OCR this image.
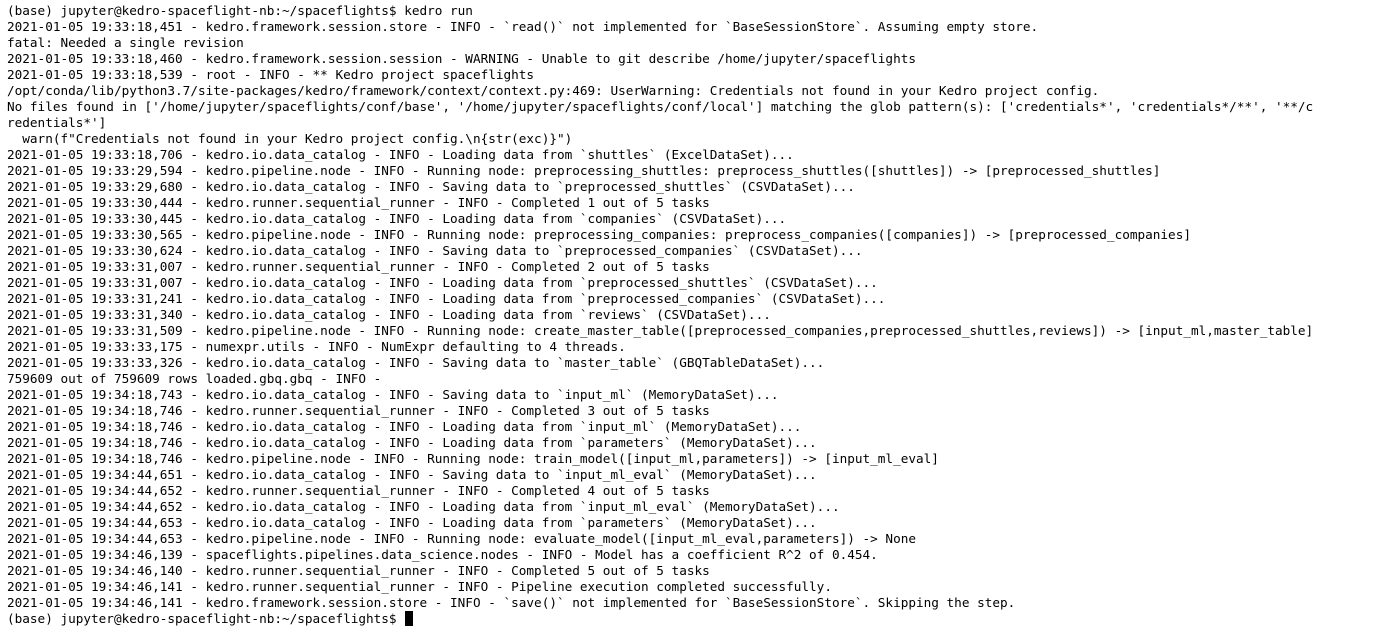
(base) jupyter@kedro-spaceflight-nb:~/spaceflights$ kedro run
2021-01-05 19:33:18,451 - kedro.framework.session.store - INFO - `read()` not implemented for `BaseSessionStore`. Assuming empty store.
fatal: Needed a single revision
2021-01-05 19:33:18,460 - kedro.framework.session.session - WARNING - Unable to git describe /home/jupyter/spaceflights
2021-01-05 19:33:18,539 - root - INFO - ** Kedro project spaceflights
/opt/conda/lib/python3.7/site-packages/kedro/framework/context/context.py:469: UserWarning: Credentials not found in your Kedro project config.
No files found in ['/home/jupyter/spaceflights/conf/base', '/home/jupyter/spaceflights/conf/local'] matching the glob pattern(s): ['credentials*', 'credentials*/**', '**/c
redentials*']
warn(f"Credentials not found in your Kedro project config.\n{str(exc)}")
2021-01-05 19:33:18,706 - kedro.io.data_catalog - INFO - Loading data from `shuttles` (ExcelDataSet)...
2021-01-05 19:33:29,594 - kedro.pipeline.node - INFO - Running node: preprocessing_shuttles: preprocess_shuttles([shuttles]) -> [preprocessed_shuttles]
2021-01-05 19:33:29,680 - kedro.io.data_catalog - INFO - Saving data to `preprocessed_shuttles` (CSVDataSet)...
2021-01-05 19:33:30,444 - kedro.runner.sequential_runner - INFO - Completed 1 out of 5 tasks
2021-01-05 19:33:30,445 - kedro.io.data_catalog - INFO - Loading data from `companies` (CSVDataSet)...
2021-01-05 19:33:30,565 - kedro.pipeline.node - INFO - Running node: preprocessing_companies: preprocess_companies([companies]) -> [preprocessed_companies]
2021-01-05 19:33:30,624 - kedro.io.data_catalog - INFO - Saving data to `preprocessed_companies` (CSVDataSet)...
2021-01-05 19:33:31,007 - kedro.runner.sequential_runner - INFO - Completed 2 out of 5 tasks
2021-01-05 19:33:31,007 - kedro.io.data_catalog - INFO - Loading data from `preprocessed_shuttles` (CSVDataSet)...
2021-01-05 19:33:31,241 - kedro.io.data_catalog - INFO - Loading data from `preprocessed_companies` (CSVDataSet)...
2021-01-05 19:33:31,340 - kedro.io.data_catalog - INFO - Loading data from `reviews` (CSVDataSet)...
2021-01-05 19:33:31,509 - kedro.pipeline.node - INFO - Running node: create_master_table([preprocessed_companies,preprocessed_shuttles,reviews]) -> [input_ml,master_table]
2021-01-05 19:33:33,175 - numexpr.utils - INFO - NumExpr defaulting to 4 threads.
2021-01-05 19:33:33,326 - kedro.io.data_catalog - INFO - Saving data to `master_table` (GBQTableDataSet)...
759609 out of 759609 rows loaded.gbq.gbq - INFO -
2021-01-05 19:34:18,743 - kedro.io.data_catalog - INFO - Saving data to `input_ml` (MemoryDataSet)...
2021-01-05 19:34:18,746 - kedro.runner.sequential_runner - INFO - Completed 3 out of 5 tasks
2021-01-05 19:34:18,746 - kedro.io.data_catalog - INFO - Loading data from `input_ml` (MemoryDataSet)...
2021-01-05 19:34:18,746 - kedro.io.data_catalog - INFO - Loading data from `parameters` (MemoryDataSet)...
2021-01-05 19:34:18,746 - kedro.pipeline.node - INFO - Running node: train_model([input_ml,parameters]) -> [input_ml_eval]
2021-01-05 19:34:44,651 - kedro.io.data_catalog - INFO - Saving data to `input_ml_eval` (MemoryDataSet)...
2021-01-05 19:34:44,652 - kedro.runner.sequential_runner - INFO - Completed 4 out of 5 tasks
2021-01-05 19:34:44,652 - kedro.io.data_catalog - INFO - Loading data from `input_ml_eval` (MemoryDataSet)...
2021-01-05 19:34:44,653 - kedro.io.data_catalog - INFO - Loading data from `parameters` (MemoryDataSet)...
2021-01-05 19:34:44,653 - kedro.pipeline.node - INFO - Running node: evaluate_model([input_ml_eval,parameters]) -> None
2021-01-05 19:34:46,139 - spaceflights.pipelines.data_science.nodes - INFO - Model has a coefficient R^2 of 0.454.
2021-01-05 19:34:46,140 - kedro.runner.sequential_runner - INFO - Completed 5 out of 5 tasks
2021-01-05 19:34:46,141 - kedro.runner.sequential_runner - INFO - Pipeline execution completed successfully.
2021-01-05 19:34:46,141 - kedro.framework.session.store - INFO - `save()` not implemented for `BaseSessionStore`. Skipping the step.
(base) jupyter@kedro-spaceflight-nb:~/spaceflights$
